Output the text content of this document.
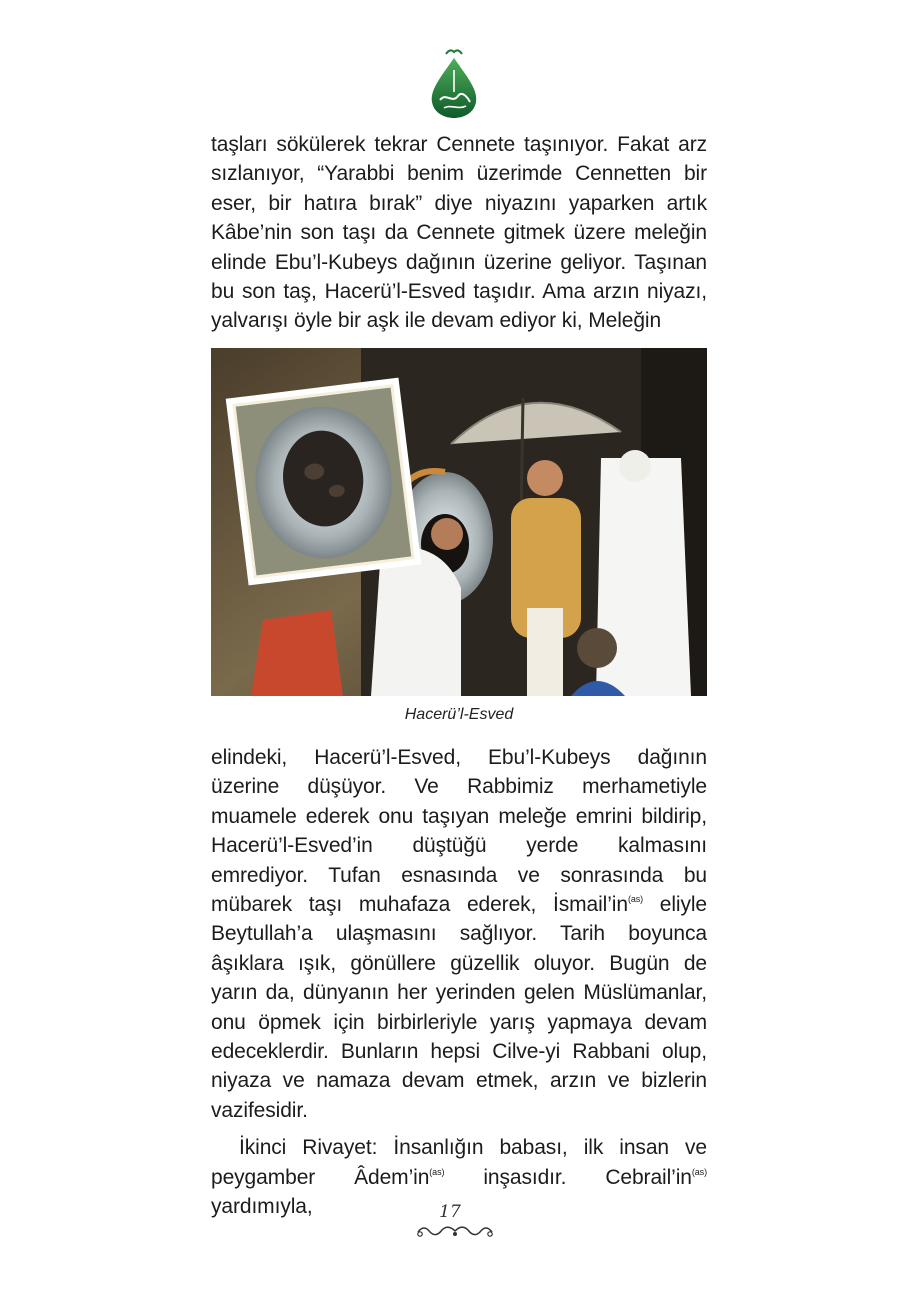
taşları sökülerek tekrar Cennete taşınıyor. Fakat arz sızlanıyor, “Yarabbi benim üzerimde Cennetten bir eser, bir hatıra bırak” diye niyazını yaparken artık Kâbe’nin son taşı da Cennete gitmek üzere meleğin elinde Ebu’l-Kubeys dağının üzerine geliyor. Taşınan bu son taş, Hacerü’l-Esved taşıdır. Ama arzın niyazı, yalvarışı öyle bir aşk ile devam ediyor ki, Meleğin

Hacerü’l-Esved

elindeki, Hacerü’l-Esved, Ebu’l-Kubeys dağının üzerine düşüyor. Ve Rabbimiz merhametiyle muamele ederek onu taşıyan meleğe emrini bildirip, Hacerü’l-Esved’in düştüğü yerde kalmasını emrediyor. Tufan esnasında ve sonrasında bu mübarek taşı muhafaza ederek, $İsmail’in^{(as)}$ eliyle Beytullah’a ulaşmasını sağlıyor. Tarih boyunca âşıklara ışık, gönüllere güzellik oluyor. Bugün de yarın da, dünyanın her yerinden gelen Müslümanlar, onu öpmek için birbirleriyle yarış yapmaya devam edeceklerdir. Bunların hepsi Cilve-yi Rabbani olup, niyaza ve namaza devam etmek, arzın ve bizlerin vazifesidir.

İkinci Rivayet: İnsanlığın babası, ilk insan ve peygamber $Âdem’in^{(as)}$ inşasıdır. $Cebrail’in^{(as)}$ yardımıyla,	17
